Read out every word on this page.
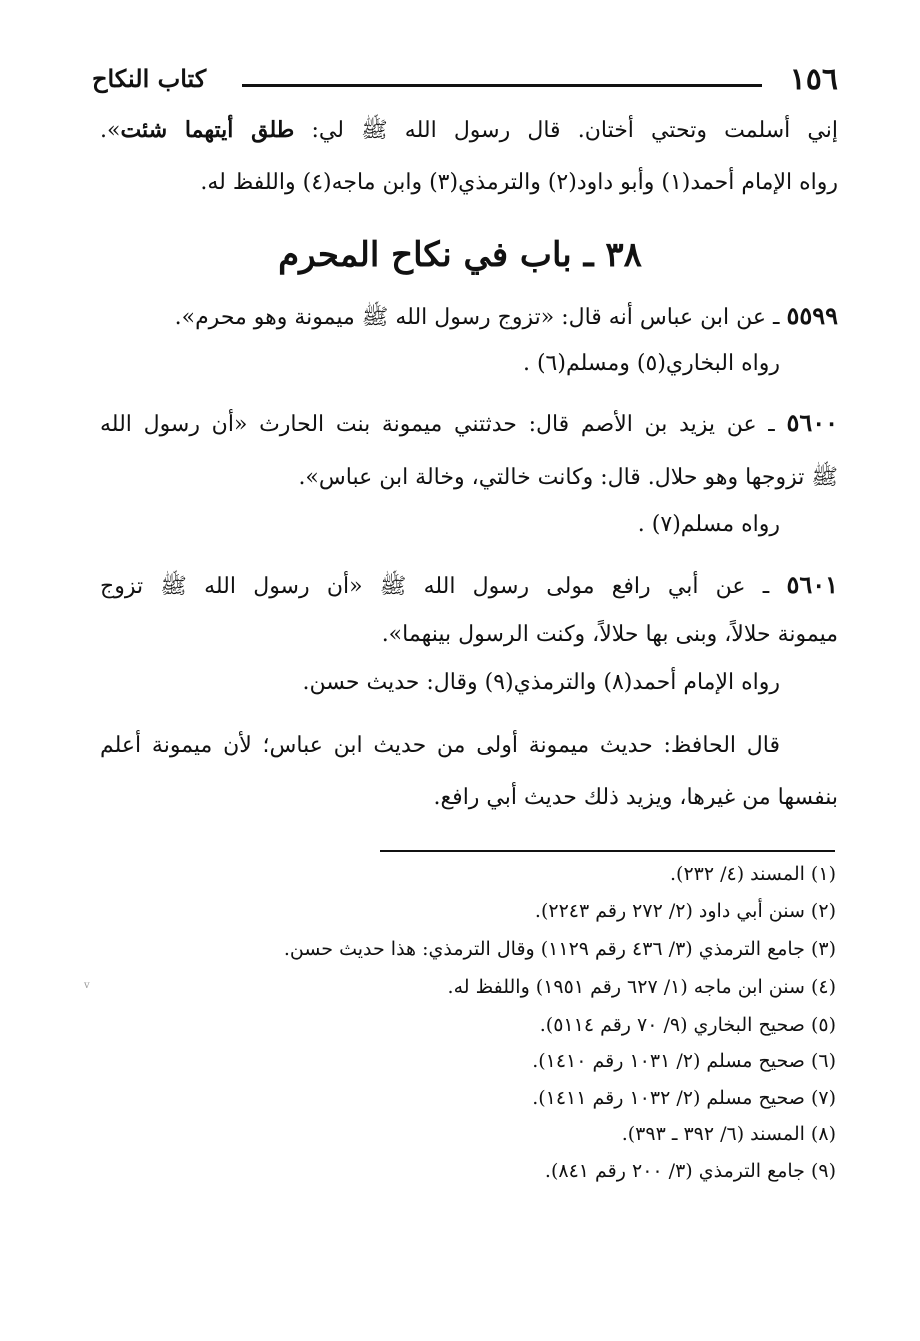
١٥٦
كتاب النكاح
إني أسلمت وتحتي أختان. قال رسول الله ﷺ لي: طلق أيتهما شئت».
رواه الإمام أحمد(١) وأبو داود(٢) والترمذي(٣) وابن ماجه(٤) واللفظ له.
٣٨ ـ باب في نكاح المحرم
٥٥٩٩ ـ عن ابن عباس أنه قال: «تزوج رسول الله ﷺ ميمونة وهو محرم».
رواه البخاري(٥) ومسلم(٦) .
٥٦٠٠ ـ عن يزيد بن الأصم قال: حدثتني ميمونة بنت الحارث «أن رسول الله
ﷺ تزوجها وهو حلال. قال: وكانت خالتي، وخالة ابن عباس».
رواه مسلم(٧) .
٥٦٠١ ـ عن أبي رافع مولى رسول الله ﷺ «أن رسول الله ﷺ تزوج
ميمونة حلالاً، وبنى بها حلالاً، وكنت الرسول بينهما».
رواه الإمام أحمد(٨) والترمذي(٩) وقال: حديث حسن.
قال الحافظ: حديث ميمونة أولى من حديث ابن عباس؛ لأن ميمونة أعلم
بنفسها من غيرها، ويزيد ذلك حديث أبي رافع.
(١) المسند (٤/ ٢٣٢).
(٢) سنن أبي داود (٢/ ٢٧٢ رقم ٢٢٤٣).
(٣) جامع الترمذي (٣/ ٤٣٦ رقم ١١٢٩) وقال الترمذي: هذا حديث حسن.
(٤) سنن ابن ماجه (١/ ٦٢٧ رقم ١٩٥١) واللفظ له.
(٥) صحيح البخاري (٩/ ٧٠ رقم ٥١١٤).
(٦) صحيح مسلم (٢/ ١٠٣١ رقم ١٤١٠).
(٧) صحيح مسلم (٢/ ١٠٣٢ رقم ١٤١١).
(٨) المسند (٦/ ٣٩٢ ـ ٣٩٣).
(٩) جامع الترمذي (٣/ ٢٠٠ رقم ٨٤١).
v
